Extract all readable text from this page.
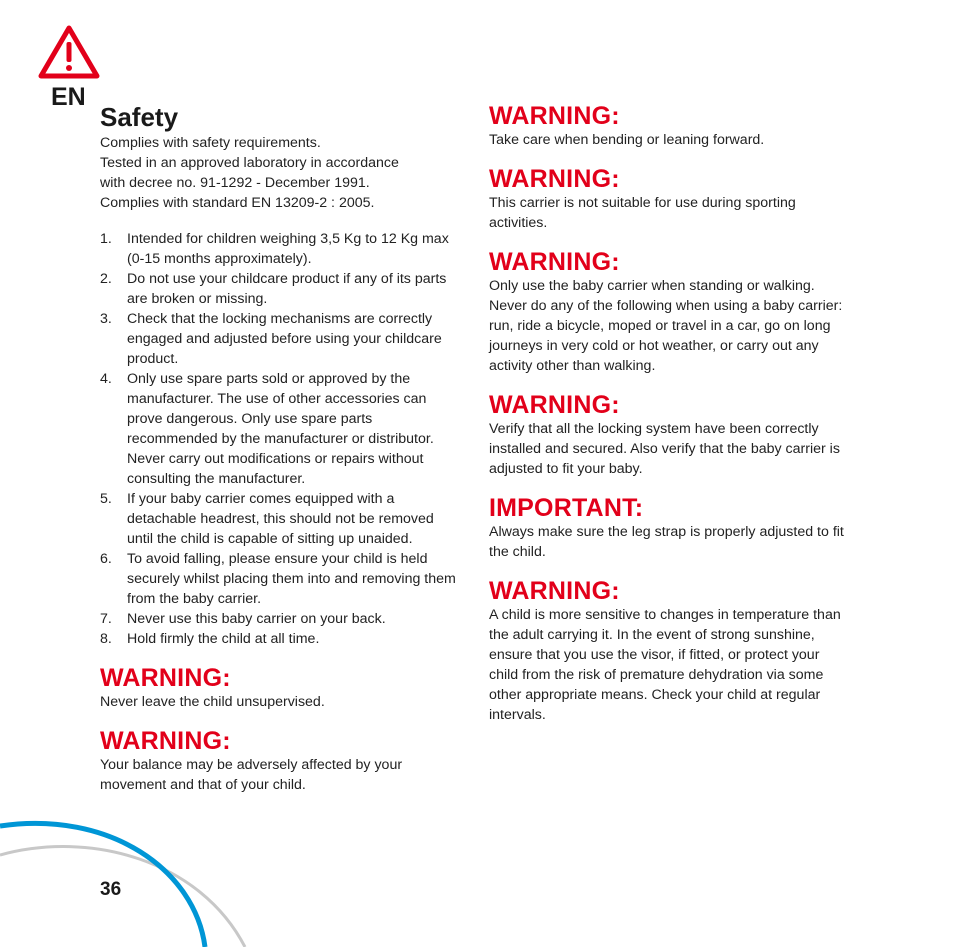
EN
Safety

Complies with safety requirements.

Tested in an approved laboratory in accordance

with decree no. 91-1292 - December 1991.

Complies with standard EN 13209-2 : 2005.

1. Intended for children weighing 3,5 Kg to 12 Kg max (0-15 months approximately).
2. Do not use your childcare product if any of its parts are broken or missing.
3. Check that the locking mechanisms are correctly engaged and adjusted before using your childcare product.
4. Only use spare parts sold or approved by the manufacturer. The use of other accessories can prove dangerous. Only use spare parts recommended by the manufacturer or distributor. Never carry out modifications or repairs without consulting the manufacturer.
5. If your baby carrier comes equipped with a detachable headrest, this should not be removed until the child is capable of sitting up unaided.
6. To avoid falling, please ensure your child is held securely whilst placing them into and removing them from the baby carrier.
7. Never use this baby carrier on your back.
8. Hold firmly the child at all time.
WARNING:

Never leave the child unsupervised.

WARNING:

Your balance may be adversely affected by your movement and that of your child.

WARNING:

Take care when bending or leaning forward.

WARNING:

This carrier is not suitable for use during sporting activities.

WARNING:

Only use the baby carrier when standing or walking. Never do any of the following when using a baby carrier: run, ride a bicycle, moped or travel in a car, go on long journeys in very cold or hot weather, or carry out any activity other than walking.

WARNING:

Verify that all the locking system have been correctly installed and secured. Also verify that the baby carrier is adjusted to fit your baby.

IMPORTANT:

Always make sure the leg strap is properly adjusted to fit the child.

WARNING:

A child is more sensitive to changes in temperature than the adult carrying it. In the event of strong sunshine, ensure that you use the visor, if fitted, or protect your child from the risk of premature dehydration via some other appropriate means. Check your child at regular intervals.

36
